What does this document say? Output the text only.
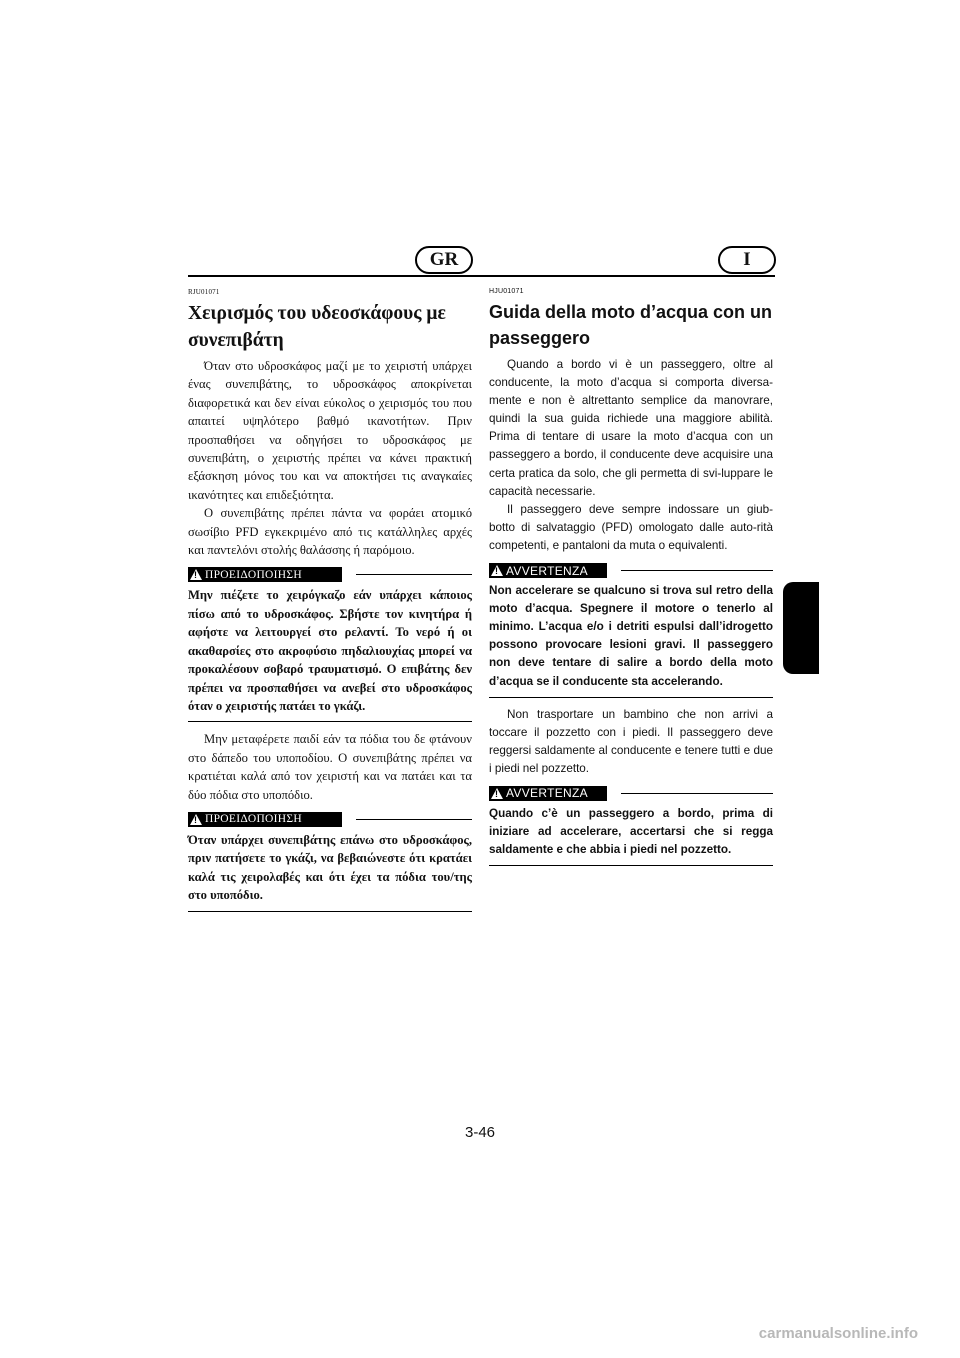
GR	I

RJU01071

Χειρισμός του υδεοσκάφους με συνεπιβάτη

Όταν στο υδροσκάφος μαζί με το χειριστή υπάρχει ένας συνεπιβάτης, το υδροσκάφος αποκρίνεται διαφορετικά και δεν είναι εύκολος ο χειρισμός του που απαιτεί υψηλότερο βαθμό ικανοτήτων. Πριν προσπαθήσει να οδηγήσει το υδροσκάφος με συνεπιβάτη, ο χειριστής πρέπει να κάνει πρακτική εξάσκηση μόνος του και να αποκτήσει τις αναγκαίες ικανότητες και επιδεξιότητα.

Ο συνεπιβάτης πρέπει πάντα να φοράει ατομικό σωσίβιο PFD εγκεκριμένο από τις κατάλληλες αρχές και παντελόνι στολής θαλάσσης ή παρόμοιο.

!
ΠΡΟΕΙΔΟΠΟΙΗΣΗ

Μην πιέζετε το χειρόγκαζο εάν υπάρχει κάποιος πίσω από το υδροσκάφος. Σβήστε τον κινητήρα ή αφήστε να λειτουργεί στο ρελαντί. Το νερό ή οι ακαθαρσίες στο ακροφύσιο πηδαλιουχίας μπορεί να προκαλέσουν σοβαρό τραυματισμό. Ο επιβάτης δεν πρέπει να προσπαθήσει να ανεβεί στο υδροσκάφος όταν ο χειριστής πατάει το γκάζι.

Μην μεταφέρετε παιδί εάν τα πόδια του δε φτάνουν στο δάπεδο του υποποδίου. Ο συνεπιβάτης πρέπει να κρατιέται καλά από τον χειριστή και να πατάει και τα δύο πόδια στο υποπόδιο.

!
ΠΡΟΕΙΔΟΠΟΙΗΣΗ

Όταν υπάρχει συνεπιβάτης επάνω στο υδροσκάφος, πριν πατήσετε το γκάζι, να βεβαιώνεστε ότι κρατάει καλά τις χειρολαβές και ότι έχει τα πόδια του/της στο υποπόδιο.

HJU01071

Guida della moto d’acqua con un passeggero

Quando a bordo vi è un passeggero, oltre al conducente, la moto d’acqua si comporta diversa-mente e non è altrettanto semplice da manovrare, quindi la sua guida richiede una maggiore abilità. Prima di tentare di usare la moto d’acqua con un passeggero a bordo, il conducente deve acquisire una certa pratica da solo, che gli permetta di svi-luppare le capacità necessarie.

Il passeggero deve sempre indossare un giub-botto di salvataggio (PFD) omologato dalle auto-rità competenti, e pantaloni da muta o equivalenti.

!
AVVERTENZA

Non accelerare se qualcuno si trova sul retro della moto d’acqua. Spegnere il motore o tenerlo al minimo. L’acqua e/o i detriti espulsi dall’idrogetto possono provocare lesioni gravi. Il passeggero non deve tentare di salire a bordo della moto d’acqua se il conducente sta accelerando.

Non trasportare un bambino che non arrivi a toccare il pozzetto con i piedi. Il passeggero deve reggersi saldamente al conducente e tenere tutti e due i piedi nel pozzetto.

!
AVVERTENZA

Quando c’è un passeggero a bordo, prima di iniziare ad accelerare, accertarsi che si regga saldamente e che abbia i piedi nel pozzetto.

3-46
carmanualsonline.info
